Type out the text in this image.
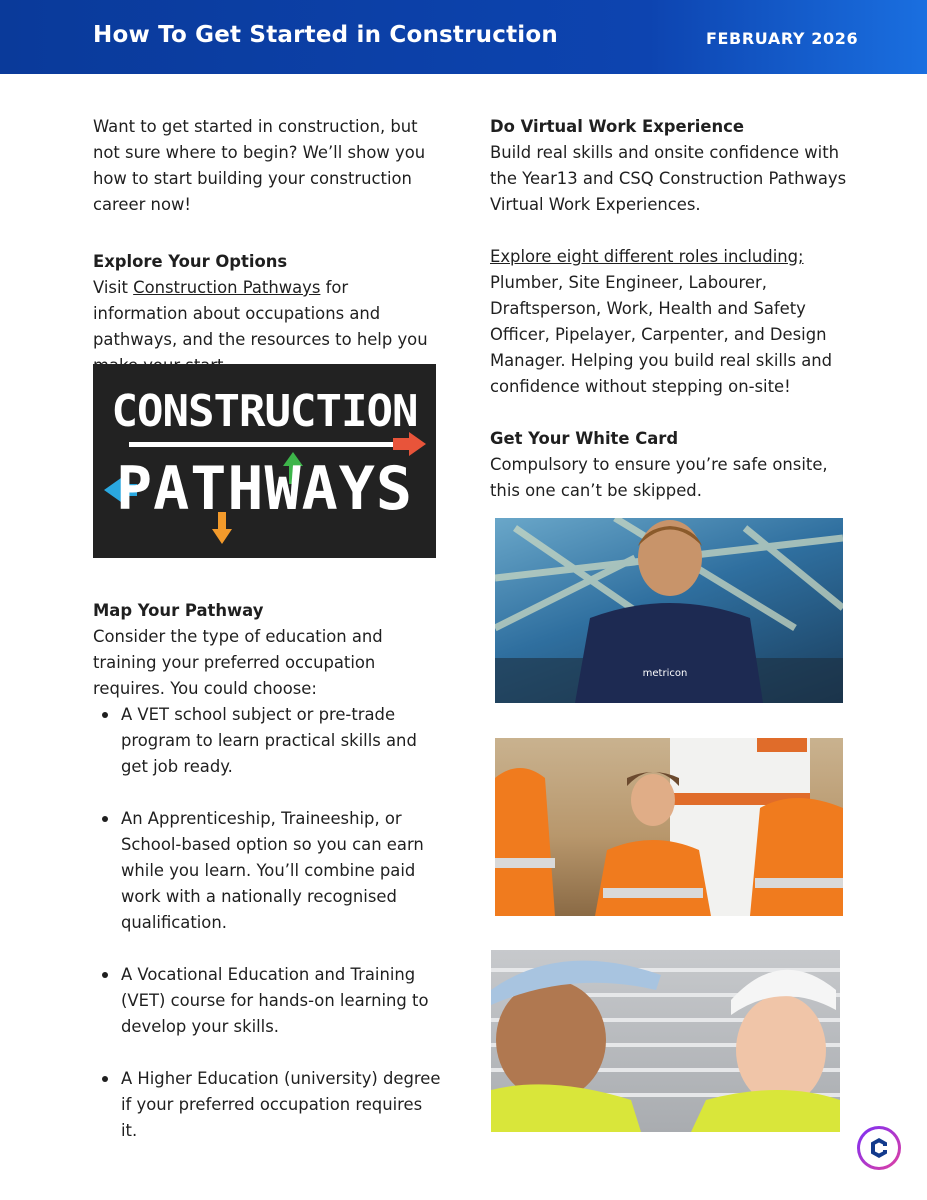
How To Get Started in Construction	FEBRUARY 2026

Want to get started in construction, but not sure where to begin? We’ll show you how to start building your construction career now!

Explore Your Options

Visit Construction Pathways for information about occupations and pathways, and the resources to help you

CONSTRUCTION
PATHWAYS

Map Your Pathway

Consider the type of education and training your preferred occupation requires. You could choose:

A VET school subject or pre-trade program to learn practical skills and get job ready.
An Apprenticeship, Traineeship, or School-based option so you can earn while you learn. You’ll combine paid work with a nationally recognised qualification.
A Vocational Education and Training (VET) course for hands-on learning to develop your skills.
A Higher Education (university) degree if your preferred occupation requires it.

Do Virtual Work Experience

Build real skills and onsite confidence with the Year13 and CSQ Construction Pathways Virtual Work Experiences.

Explore eight different roles including; Plumber, Site Engineer, Labourer, Draftsperson, Work, Health and Safety Officer, Pipelayer, Carpenter, and Design Manager. Helping you build real skills and confidence without stepping on-site!

Get Your White Card

Compulsory to ensure you’re safe onsite, this one can’t be skipped.

metricon
